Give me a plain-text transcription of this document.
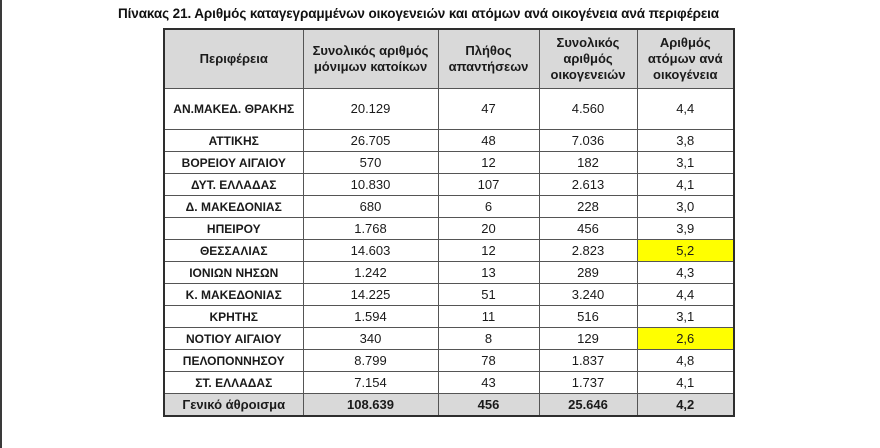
Πίνακας 21. Αριθμός καταγεγραμμένων οικογενειών και ατόμων ανά οικογένεια ανά περιφέρεια
Περιφέρεια	Συνολικός αριθμός μόνιμων κατοίκων	Πλήθος απαντήσεων	Συνολικός αριθμός οικογενειών	Αριθμός ατόμων ανά οικογένεια
ΑΝ.ΜΑΚΕΔ. ΘΡΑΚΗΣ	20.129	47	4.560	4,4
ΑΤΤΙΚΗΣ	26.705	48	7.036	3,8
ΒΟΡΕΙΟΥ ΑΙΓΑΙΟΥ	570	12	182	3,1
ΔΥΤ. ΕΛΛΑΔΑΣ	10.830	107	2.613	4,1
Δ. ΜΑΚΕΔΟΝΙΑΣ	680	6	228	3,0
ΗΠΕΙΡΟΥ	1.768	20	456	3,9
ΘΕΣΣΑΛΙΑΣ	14.603	12	2.823	5,2
ΙΟΝΙΩΝ ΝΗΣΩΝ	1.242	13	289	4,3
Κ. ΜΑΚΕΔΟΝΙΑΣ	14.225	51	3.240	4,4
ΚΡΗΤΗΣ	1.594	11	516	3,1
ΝΟΤΙΟΥ ΑΙΓΑΙΟΥ	340	8	129	2,6
ΠΕΛΟΠΟΝΝΗΣΟΥ	8.799	78	1.837	4,8
ΣΤ. ΕΛΛΑΔΑΣ	7.154	43	1.737	4,1
Γενικό άθροισμα	108.639	456	25.646	4,2
